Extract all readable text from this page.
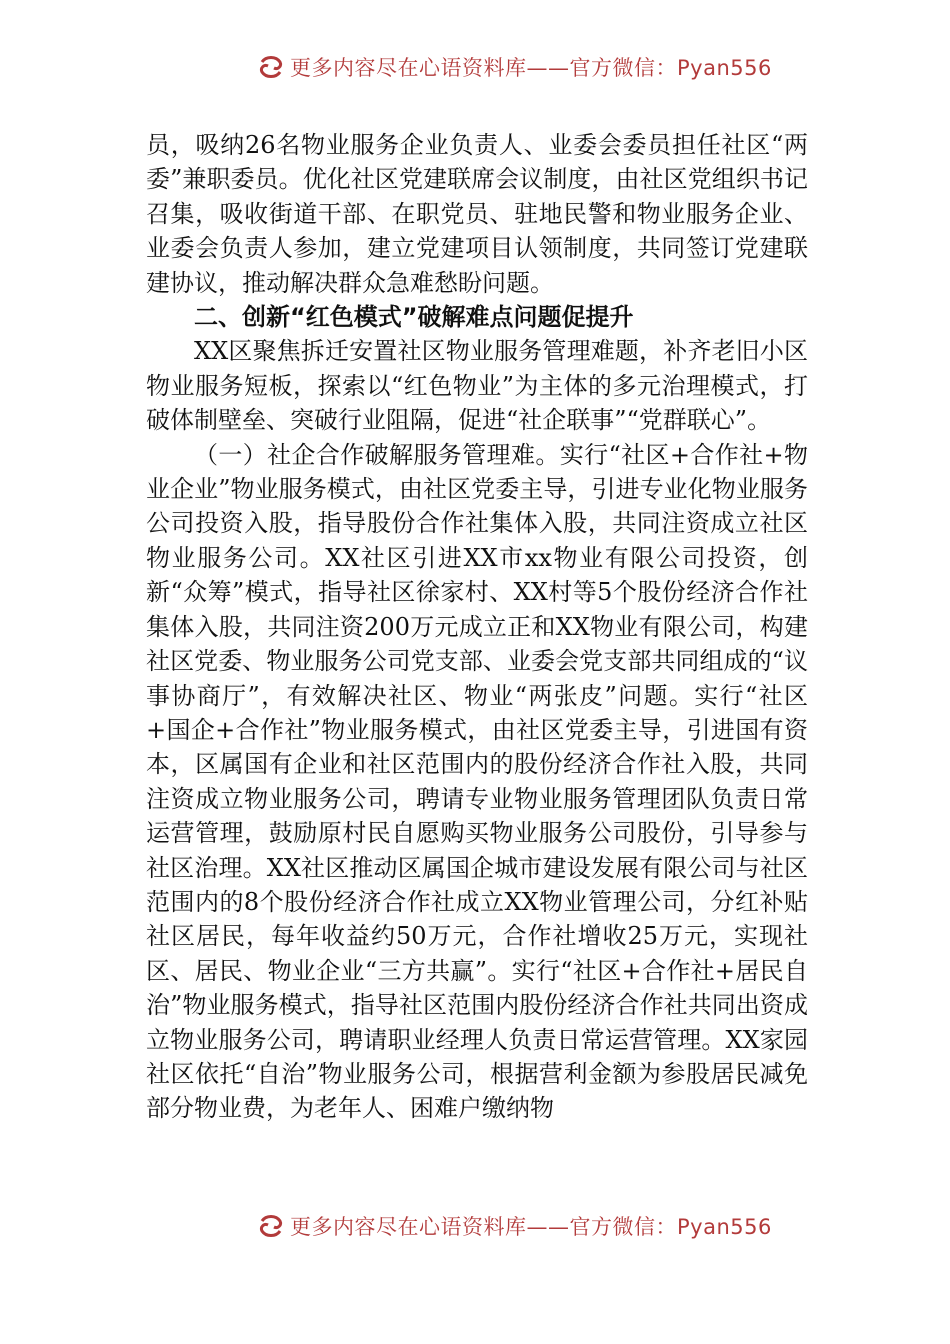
更多内容尽在心语资料库——官方微信：Pyan556

员，吸纳26名物业服务企业负责人、业委会委员担任社区“两委”兼职委员。优化社区党建联席会议制度，由社区党组织书记召集，吸收街道干部、在职党员、驻地民警和物业服务企业、业委会负责人参加，建立党建项目认领制度，共同签订党建联建协议，推动解决群众急难愁盼问题。

二、创新“红色模式”破解难点问题促提升

XX区聚焦拆迁安置社区物业服务管理难题，补齐老旧小区物业服务短板，探索以“红色物业”为主体的多元治理模式，打破体制壁垒、突破行业阻隔，促进“社企联事”“党群联心”。

（一）社企合作破解服务管理难。实行“社区+合作社+物业企业”物业服务模式，由社区党委主导，引进专业化物业服务公司投资入股，指导股份合作社集体入股，共同注资成立社区物业服务公司。XX社区引进XX市xx物业有限公司投资，创新“众筹”模式，指导社区徐家村、XX村等5个股份经济合作社集体入股，共同注资200万元成立正和XX物业有限公司，构建社区党委、物业服务公司党支部、业委会党支部共同组成的“议事协商厅”，有效解决社区、物业“两张皮”问题。实行“社区+国企+合作社”物业服务模式，由社区党委主导，引进国有资本，区属国有企业和社区范围内的股份经济合作社入股，共同注资成立物业服务公司，聘请专业物业服务管理团队负责日常运营管理，鼓励原村民自愿购买物业服务公司股份，引导参与社区治理。XX社区推动区属国企城市建设发展有限公司与社区范围内的8个股份经济合作社成立XX物业管理公司，分红补贴社区居民，每年收益约50万元，合作社增收25万元，实现社区、居民、物业企业“三方共赢”。实行“社区+合作社+居民自治”物业服务模式，指导社区范围内股份经济合作社共同出资成立物业服务公司，聘请职业经理人负责日常运营管理。XX家园社区依托“自治”物业服务公司，根据营利金额为参股居民减免部分物业费，为老年人、困难户缴纳物

更多内容尽在心语资料库——官方微信：Pyan556
